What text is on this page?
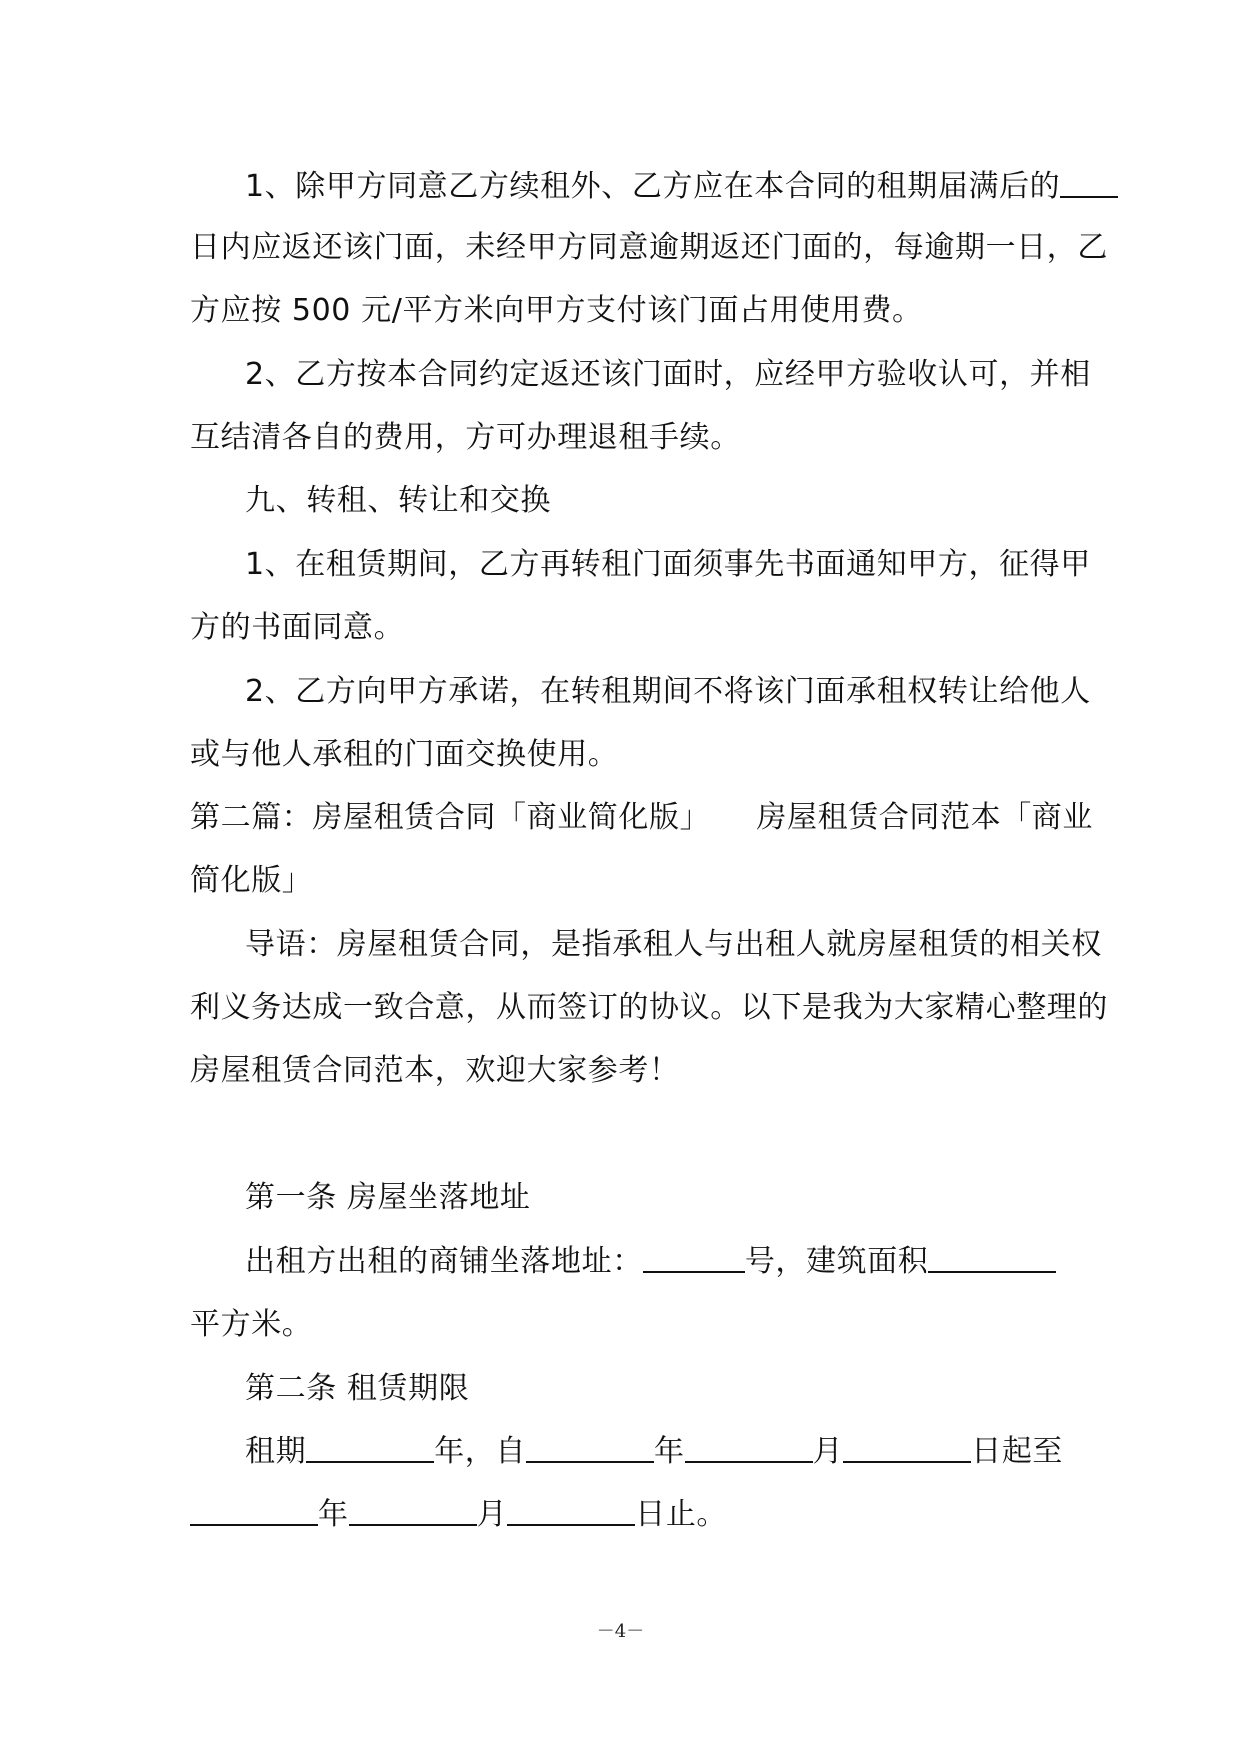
1、除甲方同意乙方续租外、乙方应在本合同的租期届满后的
日内应返还该门面，未经甲方同意逾期返还门面的，每逾期一日，乙
方应按 500 元/平方米向甲方支付该门面占用使用费。
2、乙方按本合同约定返还该门面时，应经甲方验收认可，并相
互结清各自的费用，方可办理退租手续。
九、转租、转让和交换
1、在租赁期间，乙方再转租门面须事先书面通知甲方，征得甲
方的书面同意。
2、乙方向甲方承诺，在转租期间不将该门面承租权转让给他人
或与他人承租的门面交换使用。
第二篇：房屋租赁合同「商业简化版」　　房屋租赁合同范本「商业
简化版」
导语：房屋租赁合同，是指承租人与出租人就房屋租赁的相关权
利义务达成一致合意，从而签订的协议。以下是我为大家精心整理的
房屋租赁合同范本，欢迎大家参考！
第一条 房屋坐落地址
出租方出租的商铺坐落地址：	号，建筑面积
平方米。
第二条 租赁期限
租期	年，自	年	月	日起至
年	月	日止。
－4－
